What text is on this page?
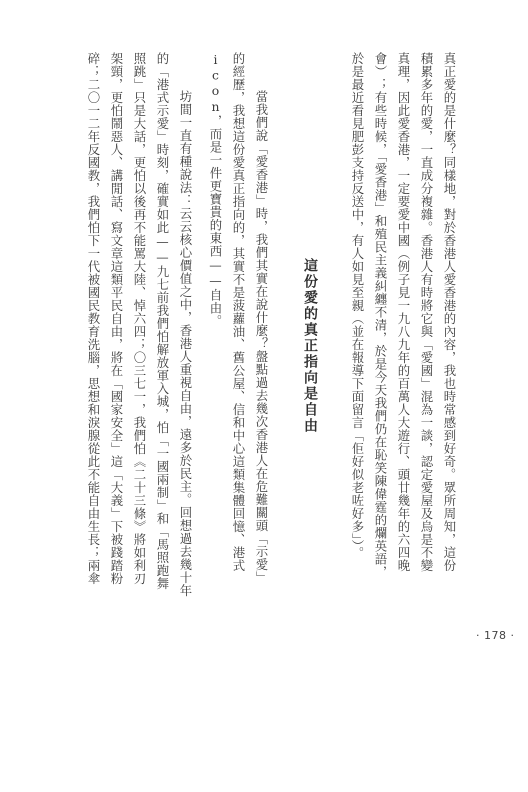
· 178 ·
真正愛的是什麼？同樣地，對於香港人愛香港的內容，我也時常感到好奇。眾所周知，這份
積累多年的愛，一直成分複雜。香港人有時將它與「愛國」混為一談，認定愛屋及烏是不變
真理，因此愛香港，一定要愛中國（例子見一九八九年的百萬人大遊行、頭廿幾年的六四晚
會）；有些時候，「愛香港」和殖民主義糾纏不清，於是今天我們仍在恥笑陳偉霆的爛英語，
於是最近看見肥彭支持反送中，有人如見至親（並在報導下面留言「佢好似老咗好多」）。
這份愛的真正指向是自由
當我們說「愛香港」時，我們其實在說什麼？盤點過去幾次香港人在危難關頭「示愛」
的經歷，我想這份愛真正指向的，其實不是菠蘿油、舊公屋、信和中心這類集體回憶、港式
icon，而是一件更寶貴的東西——自由。
坊間一直有種說法：云云核心價值之中，香港人重視自由，遠多於民主。回想過去幾十年
的「港式示愛」時刻，確實如此——九七前我們怕解放軍入城，怕「一國兩制」和「馬照跑舞
照跳」只是大話，更怕以後再不能罵大陸、悼六四；〇三七一，我們怕《二十三條》將如利刃
架頸，更怕鬧惡人、講閒話、寫文章這類平民自由，將在「國家安全」這「大義」下被踐踏粉
碎；二〇一二年反國教，我們怕下一代被國民教育洗腦，思想和淚腺從此不能自由生長；兩傘
